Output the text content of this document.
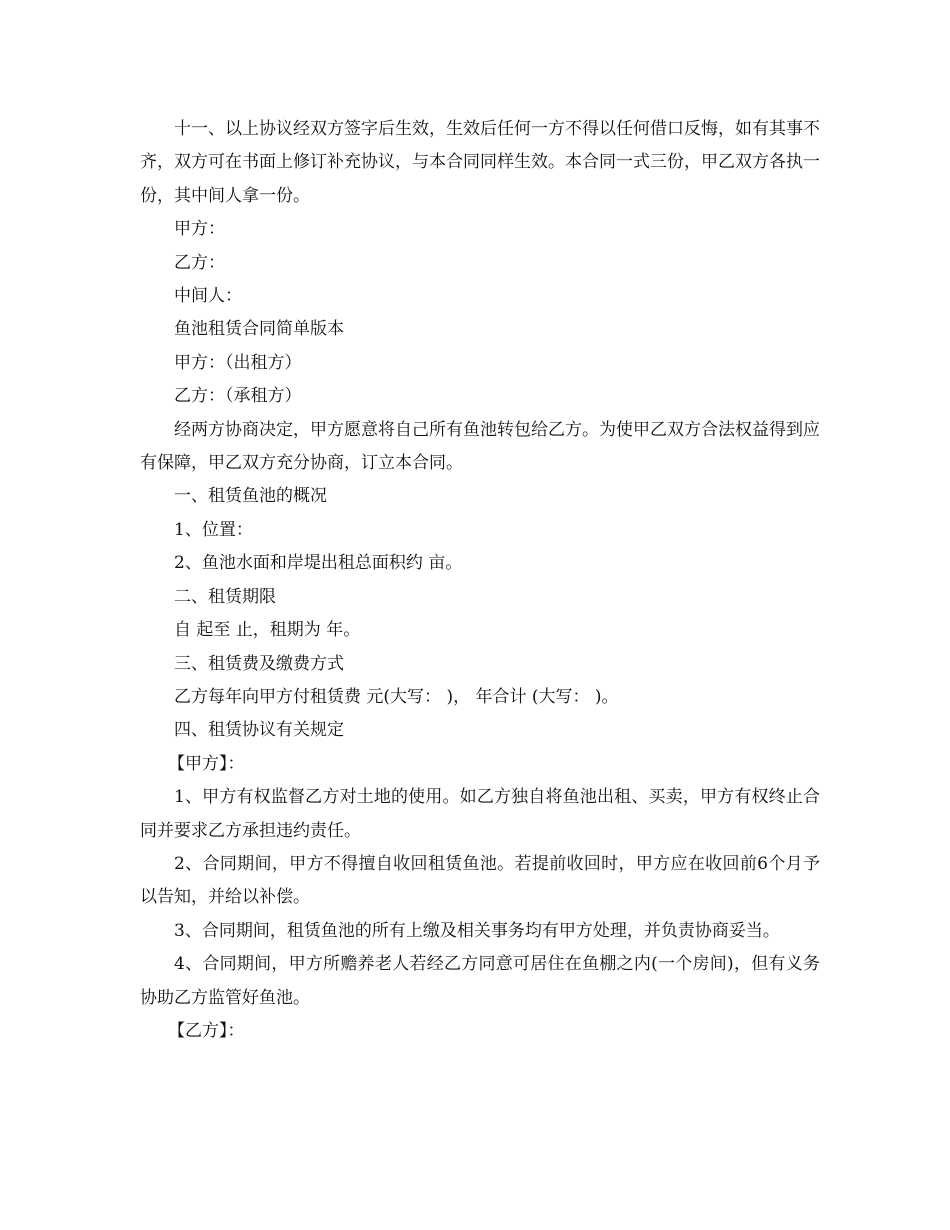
十一、以上协议经双方签字后生效，生效后任何一方不得以任何借口反悔，如有其事不齐，双方可在书面上修订补充协议，与本合同同样生效。本合同一式三份，甲乙双方各执一份，其中间人拿一份。

甲方：

乙方：

中间人：

鱼池租赁合同简单版本

甲方：（出租方）

乙方：（承租方）

经两方协商决定，甲方愿意将自己所有鱼池转包给乙方。为使甲乙双方合法权益得到应有保障，甲乙双方充分协商，订立本合同。

一、租赁鱼池的概况

1、位置：

2、鱼池水面和岸堤出租总面积约 亩。

二、租赁期限

自 起至 止，租期为 年。

三、租赁费及缴费方式

乙方每年向甲方付租赁费 元(大写： )， 年合计 (大写： )。

四、租赁协议有关规定

【甲方】：

1、甲方有权监督乙方对土地的使用。如乙方独自将鱼池出租、买卖，甲方有权终止合同并要求乙方承担违约责任。

2、合同期间，甲方不得擅自收回租赁鱼池。若提前收回时，甲方应在收回前6个月予以告知，并给以补偿。

3、合同期间，租赁鱼池的所有上缴及相关事务均有甲方处理，并负责协商妥当。

4、合同期间，甲方所赡养老人若经乙方同意可居住在鱼棚之内(一个房间)，但有义务协助乙方监管好鱼池。

【乙方】：
